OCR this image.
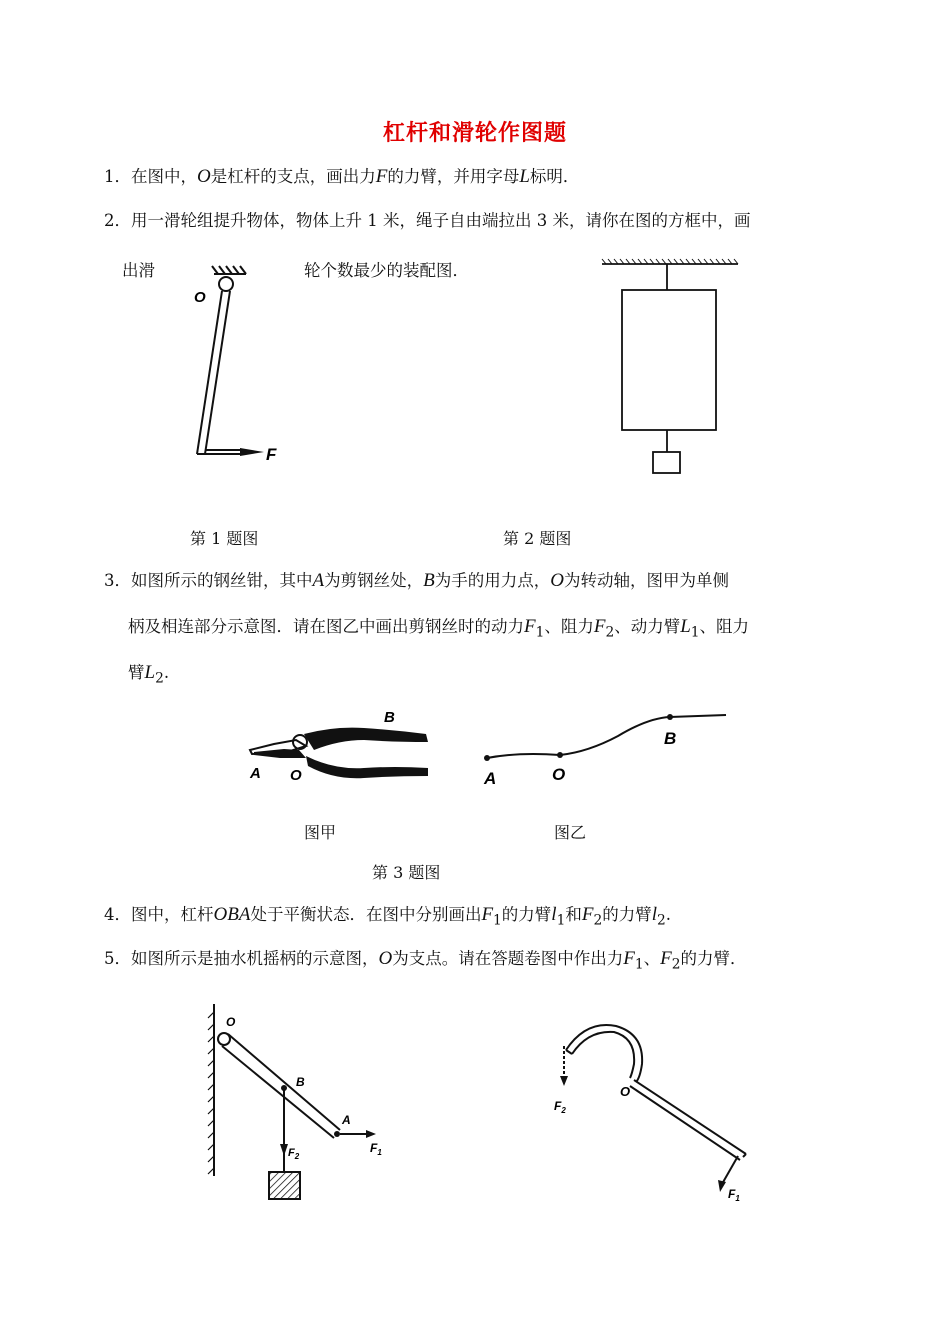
杠杆和滑轮作图题
1．在图中，O是杠杆的支点，画出力F的力臂，并用字母L标明．
2．用一滑轮组提升物体，物体上升 1 米，绳子自由端拉出 3 米，请你在图的方框中，画
出滑	轮个数最少的装配图．
O
F
第 1 题图	第 2 题图
3．如图所示的钢丝钳，其中A为剪钢丝处，B为手的用力点，O为转动轴，图甲为单侧
柄及相连部分示意图．请在图乙中画出剪钢丝时的动力$F_1$、阻力$F_2$、动力臂$L_1$、阻力
臂$L_2$.
B
A O	A	O
B
图甲	图乙
第 3 题图
4．图中，杠杆OBA处于平衡状态．在图中分别画出$F_1$的力臂$l_1$和$F_2$的力臂$l_2$.
5．如图所示是抽水机摇柄的示意图，O为支点。请在答题卷图中作出力$F_1$、$F_2$的力臂．
O
B
A
$F_1$
$F_2$
O
$F_2$
$F_1$
